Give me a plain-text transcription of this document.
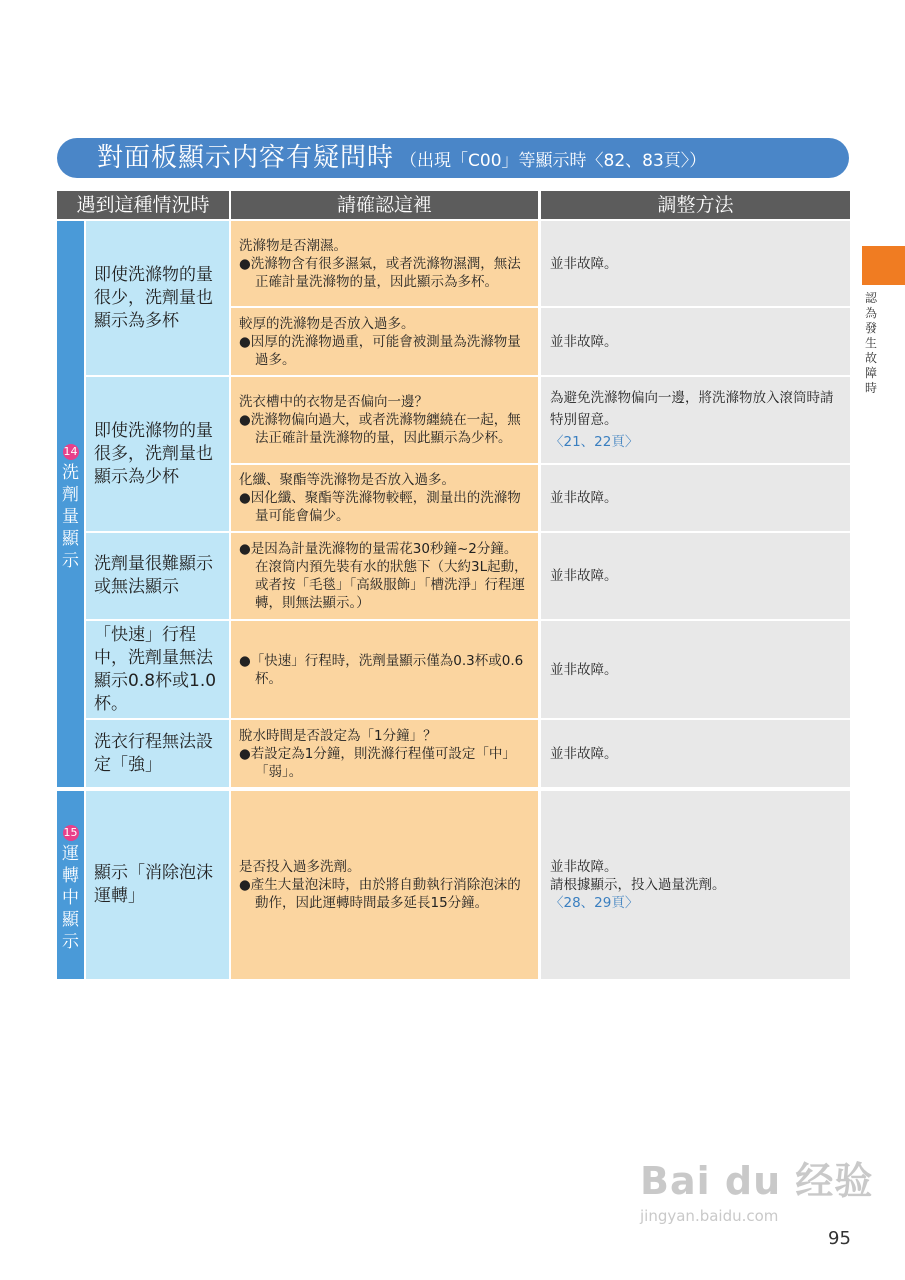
對面板顯示内容有疑問時 （出現「C00」等顯示時〈82、83頁〉）
遇到這種情況時	請確認這裡	調整方法
14
洗
劑
量
顯
示
15
運
轉
中
顯
示
即使洗滌物的量很少，洗劑量也顯示為多杯
即使洗滌物的量很多，洗劑量也顯示為少杯
洗劑量很難顯示或無法顯示
「快速」行程中，洗劑量無法顯示0.8杯或1.0杯。
洗衣行程無法設定「強」
顯示「消除泡沫運轉」
洗滌物是否潮濕。
●洗滌物含有很多濕氣，或者洗滌物濕潤，無法正確計量洗滌物的量，因此顯示為多杯。
較厚的洗滌物是否放入過多。
●因厚的洗滌物過重，可能會被測量為洗滌物量過多。
洗衣槽中的衣物是否偏向一邊？
●洗滌物偏向過大，或者洗滌物纏繞在一起，無法正確計量洗滌物的量，因此顯示為少杯。
化纖、聚酯等洗滌物是否放入過多。
●因化纖、聚酯等洗滌物較輕，測量出的洗滌物量可能會偏少。
●是因為計量洗滌物的量需花30秒鐘~2分鐘。在滾筒内預先裝有水的狀態下（大約3L起動，或者按「毛毯」「高級服飾」「槽洗淨」行程運轉，則無法顯示。）
●「快速」行程時，洗劑量顯示僅為0.3杯或0.6杯。
脫水時間是否設定為「1分鐘」？
●若設定為1分鐘，則洗滌行程僅可設定「中」「弱」。
是否投入過多洗劑。
●產生大量泡沫時，由於將自動執行消除泡沫的動作，因此運轉時間最多延長15分鐘。
並非故障。
並非故障。
為避免洗滌物偏向一邊，將洗滌物放入滾筒時請特別留意。
〈21、22頁〉
並非故障。
並非故障。
並非故障。
並非故障。
並非故障。
請根據顯示，投入過量洗劑。
〈28、29頁〉
認為發生故障時
Bai du 经验
jingyan.baidu.com
95
